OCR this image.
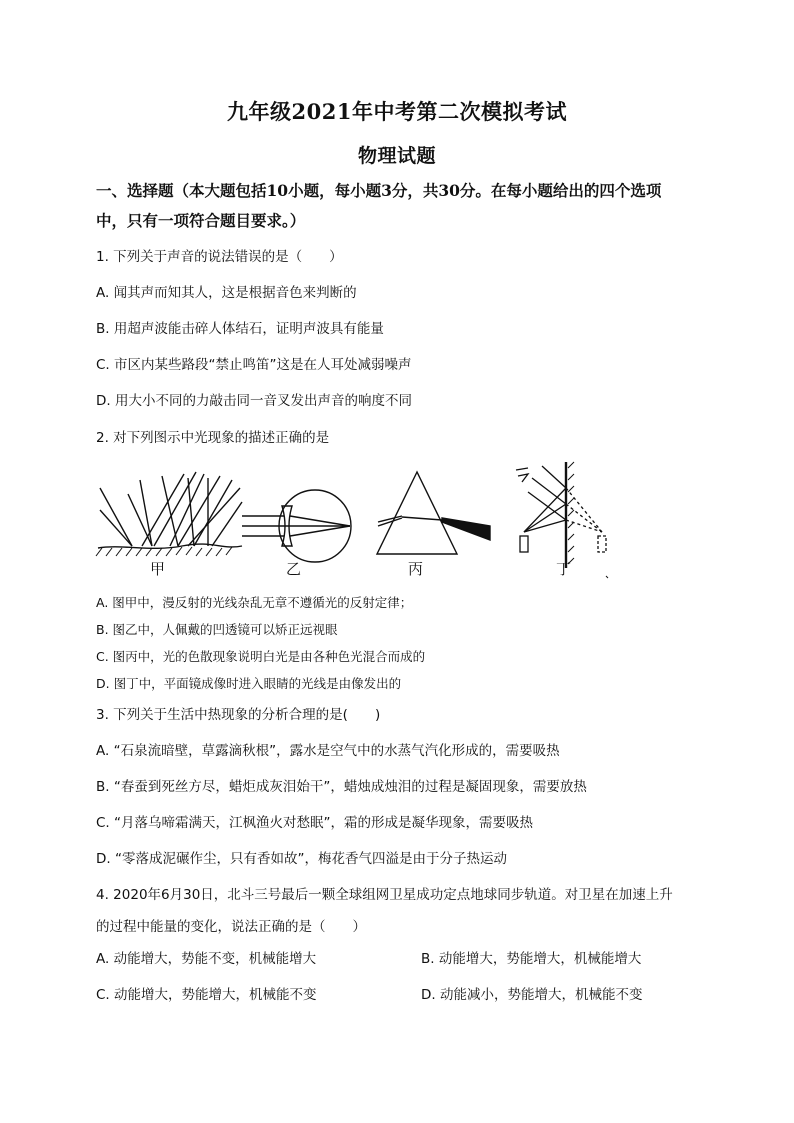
九年级2021年中考第二次模拟考试
物理试题
一、选择题（本大题包括10小题，每小题3分，共30分。在每小题给出的四个选项
中，只有一项符合题目要求。）
1. 下列关于声音的说法错误的是（　　）
A. 闻其声而知其人，这是根据音色来判断的
B. 用超声波能击碎人体结石，证明声波具有能量
C. 市区内某些路段“禁止鸣笛”这是在人耳处减弱噪声
D. 用大小不同的力敲击同一音叉发出声音的响度不同
2. 对下列图示中光现象的描述正确的是
甲	乙	丙	丁
A. 图甲中，漫反射的光线杂乱无章不遵循光的反射定律；
B. 图乙中，人佩戴的凹透镜可以矫正远视眼
C. 图丙中，光的色散现象说明白光是由各种色光混合而成的
D. 图丁中，平面镜成像时进入眼睛的光线是由像发出的
3. 下列关于生活中热现象的分析合理的是(　　)
A. “石泉流暗壁，草露滴秋根”，露水是空气中的水蒸气汽化形成的，需要吸热
B. “春蚕到死丝方尽，蜡炬成灰泪始干”，蜡烛成烛泪的过程是凝固现象，需要放热
C. “月落乌啼霜满天，江枫渔火对愁眠”，霜的形成是凝华现象，需要吸热
D. “零落成泥碾作尘，只有香如故”，梅花香气四溢是由于分子热运动
4. 2020年6月30日，北斗三号最后一颗全球组网卫星成功定点地球同步轨道。对卫星在加速上升
的过程中能量的变化，说法正确的是（　　）
A. 动能增大，势能不变，机械能增大	B. 动能增大，势能增大，机械能增大
C. 动能增大，势能增大，机械能不变	D. 动能减小，势能增大，机械能不变
